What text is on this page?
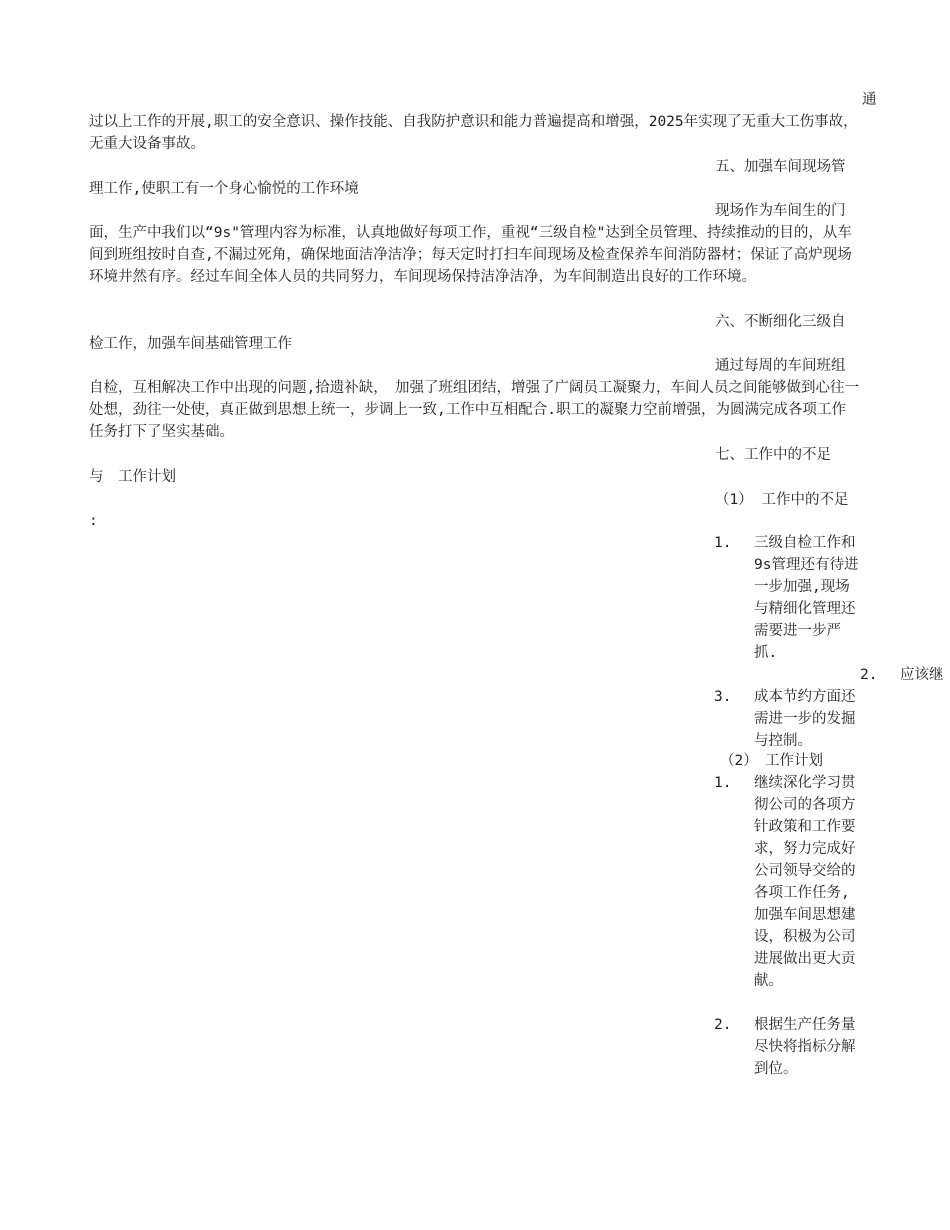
通
过以上工作的开展,职工的安全意识、操作技能、自我防护意识和能力普遍提高和增强，2025年实现了无重大工伤事故，无重大设备事故。
五、加强车间现场管
理工作,使职工有一个身心愉悦的工作环境
现场作为车间生的门
面，生产中我们以“9s"管理内容为标准，认真地做好每项工作，重视“三级自检"达到全员管理、持续推动的目的，从车间到班组按时自查,不漏过死角，确保地面洁净洁净；每天定时打扫车间现场及检查保养车间消防器材；保证了高炉现场环境井然有序。经过车间全体人员的共同努力，车间现场保持洁净洁净，为车间制造出良好的工作环境。
六、不断细化三级自
检工作，加强车间基础管理工作
通过每周的车间班组
自检，互相解决工作中出现的问题,拾遗补缺，　加强了班组团结，增强了广阔员工凝聚力，车间人员之间能够做到心往一处想，劲往一处使，真正做到思想上统一，步调上一致,工作中互相配合.职工的凝聚力空前增强，为圆满完成各项工作任务打下了坚实基础。
七、工作中的不足
与　工作计划
（1） 工作中的不足
:
1. 三级自检工作和9s管理还有待进一步加强,现场与精细化管理还需要进一步严抓.
2. 应该继
3. 成本节约方面还需进一步的发掘与控制。
（2）　工作计划
1. 继续深化学习贯彻公司的各项方针政策和工作要求，努力完成好公司领导交给的各项工作任务,加强车间思想建设，积极为公司进展做出更大贡献。
2. 根据生产任务量尽快将指标分解到位。
